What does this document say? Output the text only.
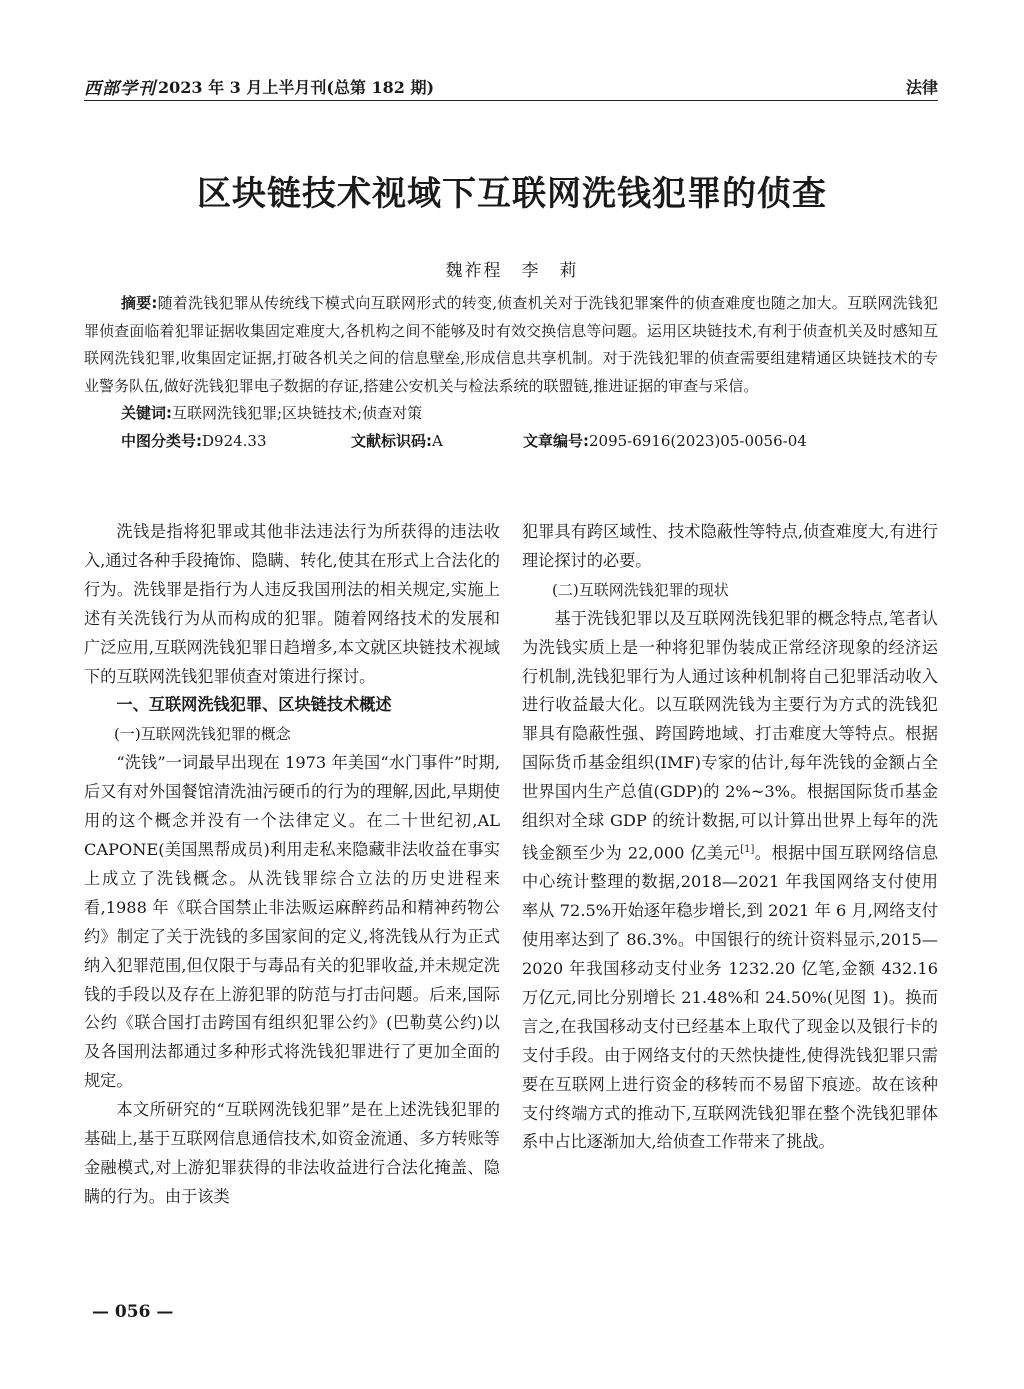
西部学刊 2023 年 3 月上半月刊(总第 182 期)	法律
区块链技术视域下互联网洗钱犯罪的侦查
魏祚程　李　莉

摘要:随着洗钱犯罪从传统线下模式向互联网形式的转变,侦查机关对于洗钱犯罪案件的侦查难度也随之加大。互联网洗钱犯罪侦查面临着犯罪证据收集固定难度大,各机构之间不能够及时有效交换信息等问题。运用区块链技术,有利于侦查机关及时感知互联网洗钱犯罪,收集固定证据,打破各机关之间的信息壁垒,形成信息共享机制。对于洗钱犯罪的侦查需要组建精通区块链技术的专业警务队伍,做好洗钱犯罪电子数据的存证,搭建公安机关与检法系统的联盟链,推进证据的审查与采信。

关键词:互联网洗钱犯罪;区块链技术;侦查对策

中图分类号:D924.33	文献标识码:A	文章编号:2095-6916(2023)05-0056-04

洗钱是指将犯罪或其他非法违法行为所获得的违法收入,通过各种手段掩饰、隐瞒、转化,使其在形式上合法化的行为。洗钱罪是指行为人违反我国刑法的相关规定,实施上述有关洗钱行为从而构成的犯罪。随着网络技术的发展和广泛应用,互联网洗钱犯罪日趋增多,本文就区块链技术视域下的互联网洗钱犯罪侦查对策进行探讨。

一、互联网洗钱犯罪、区块链技术概述
(一)互联网洗钱犯罪的概念

“洗钱”一词最早出现在 1973 年美国“水门事件”时期,后又有对外国餐馆清洗油污硬币的行为的理解,因此,早期使用的这个概念并没有一个法律定义。在二十世纪初,AL CAPONE(美国黑帮成员)利用走私来隐藏非法收益在事实上成立了洗钱概念。从洗钱罪综合立法的历史进程来看,1988 年《联合国禁止非法贩运麻醉药品和精神药物公约》制定了关于洗钱的多国家间的定义,将洗钱从行为正式纳入犯罪范围,但仅限于与毒品有关的犯罪收益,并未规定洗钱的手段以及存在上游犯罪的防范与打击问题。后来,国际公约《联合国打击跨国有组织犯罪公约》(巴勒莫公约)以及各国刑法都通过多种形式将洗钱犯罪进行了更加全面的规定。

本文所研究的“互联网洗钱犯罪”是在上述洗钱犯罪的基础上,基于互联网信息通信技术,如资金流通、多方转账等金融模式,对上游犯罪获得的非法收益进行合法化掩盖、隐瞒的行为。由于该类

犯罪具有跨区域性、技术隐蔽性等特点,侦查难度大,有进行理论探讨的必要。

(二)互联网洗钱犯罪的现状

基于洗钱犯罪以及互联网洗钱犯罪的概念特点,笔者认为洗钱实质上是一种将犯罪伪装成正常经济现象的经济运行机制,洗钱犯罪行为人通过该种机制将自己犯罪活动收入进行收益最大化。以互联网洗钱为主要行为方式的洗钱犯罪具有隐蔽性强、跨国跨地域、打击难度大等特点。根据国际货币基金组织(IMF)专家的估计,每年洗钱的金额占全世界国内生产总值(GDP)的 2%~3%。根据国际货币基金组织对全球 GDP 的统计数据,可以计算出世界上每年的洗钱金额至少为 22,000 亿美元[1]。根据中国互联网络信息中心统计整理的数据,2018—2021 年我国网络支付使用率从 72.5%开始逐年稳步增长,到 2021 年 6 月,网络支付使用率达到了 86.3%。中国银行的统计资料显示,2015—2020 年我国移动支付业务 1232.20 亿笔,金额 432.16 万亿元,同比分别增长 21.48%和 24.50%(见图 1)。换而言之,在我国移动支付已经基本上取代了现金以及银行卡的支付手段。由于网络支付的天然快捷性,使得洗钱犯罪只需要在互联网上进行资金的移转而不易留下痕迹。故在该种支付终端方式的推动下,互联网洗钱犯罪在整个洗钱犯罪体系中占比逐渐加大,给侦查工作带来了挑战。

— 056 —
